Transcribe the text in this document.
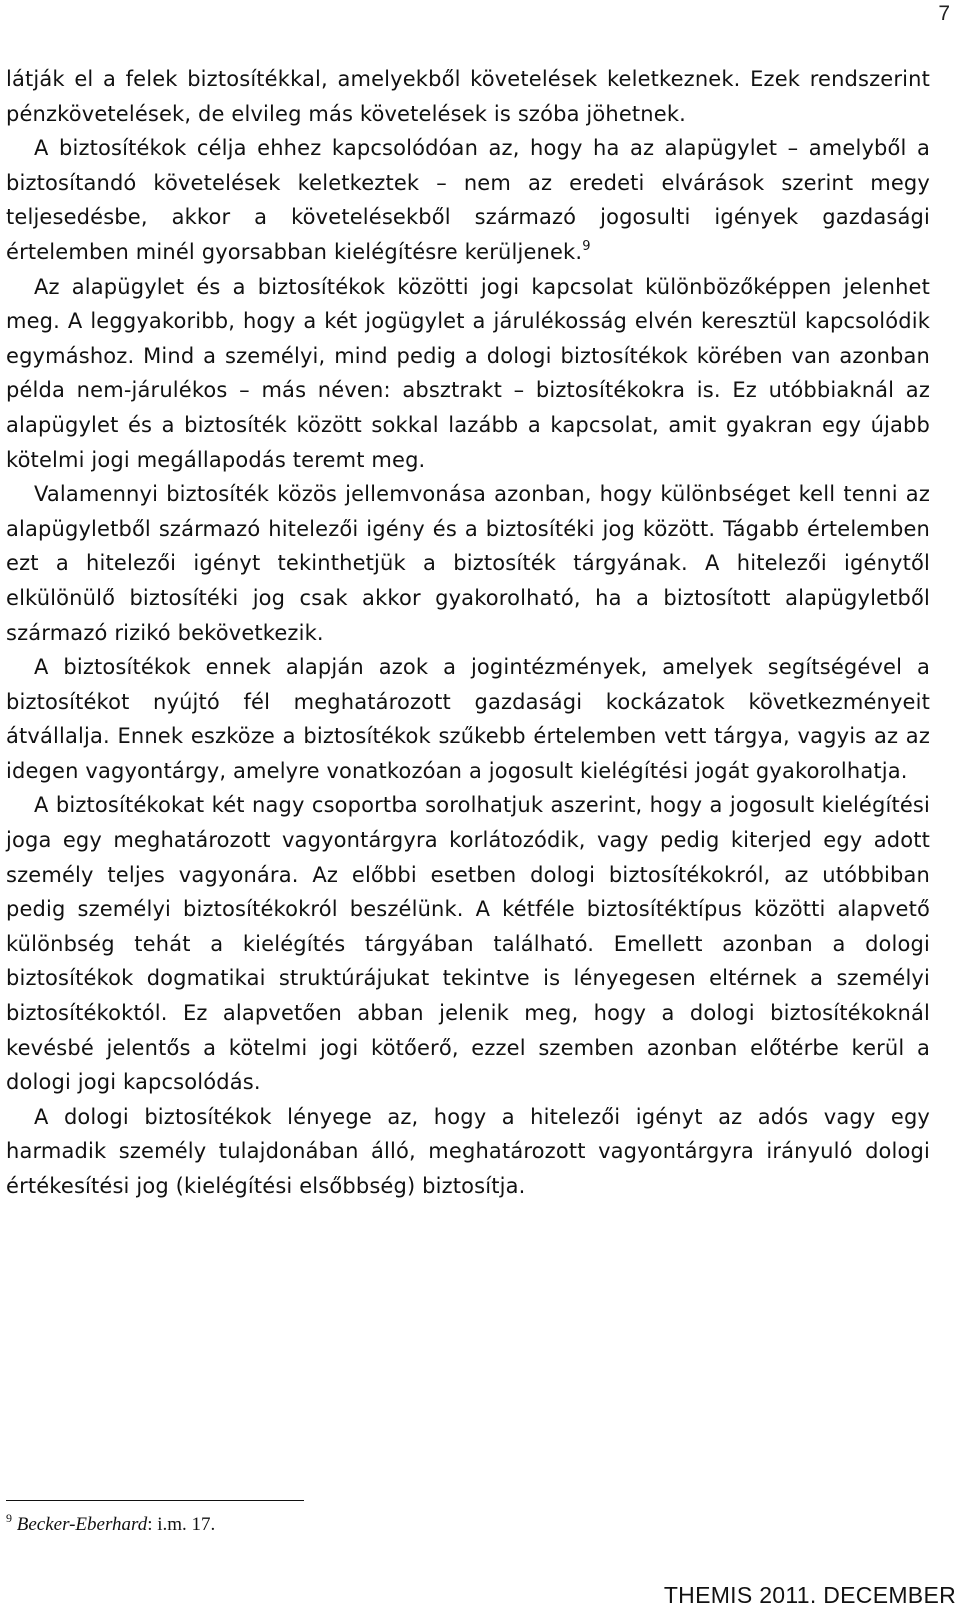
7

látják el a felek biztosítékkal, amelyekből követelések keletkeznek. Ezek rendszerint pénzkövetelések, de elvileg más követelések is szóba jöhetnek.

A biztosítékok célja ehhez kapcsolódóan az, hogy ha az alapügylet – amelyből a biztosítandó követelések keletkeztek – nem az eredeti elvárások szerint megy teljesedésbe, akkor a követelésekből származó jogosulti igények gazdasági értelemben minél gyorsabban kielégítésre kerüljenek.$^9$

Az alapügylet és a biztosítékok közötti jogi kapcsolat különbözőképpen jelenhet meg. A leggyakoribb, hogy a két jogügylet a járulékosság elvén keresztül kapcsolódik egymáshoz. Mind a személyi, mind pedig a dologi biztosítékok körében van azonban példa nem-járulékos – más néven: absztrakt – biztosítékokra is. Ez utóbbiaknál az alapügylet és a biztosíték között sokkal lazább a kapcsolat, amit gyakran egy újabb kötelmi jogi megállapodás teremt meg.

Valamennyi biztosíték közös jellemvonása azonban, hogy különbséget kell tenni az alapügyletből származó hitelezői igény és a biztosítéki jog között. Tágabb értelemben ezt a hitelezői igényt tekinthetjük a biztosíték tárgyának. A hitelezői igénytől elkülönülő biztosítéki jog csak akkor gyakorolható, ha a biztosított alapügyletből származó rizikó bekövetkezik.

A biztosítékok ennek alapján azok a jogintézmények, amelyek segítségével a biztosítékot nyújtó fél meghatározott gazdasági kockázatok következményeit átvállalja. Ennek eszköze a biztosítékok szűkebb értelemben vett tárgya, vagyis az az idegen vagyontárgy, amelyre vonatkozóan a jogosult kielégítési jogát gyakorolhatja.

A biztosítékokat két nagy csoportba sorolhatjuk aszerint, hogy a jogosult kielégítési joga egy meghatározott vagyontárgyra korlátozódik, vagy pedig kiterjed egy adott személy teljes vagyonára. Az előbbi esetben dologi biztosítékokról, az utóbbiban pedig személyi biztosítékokról beszélünk. A kétféle biztosítéktípus közötti alapvető különbség tehát a kielégítés tárgyában található. Emellett azonban a dologi biztosítékok dogmatikai struktúrájukat tekintve is lényegesen eltérnek a személyi biztosítékoktól. Ez alapvetően abban jelenik meg, hogy a dologi biztosítékoknál kevésbé jelentős a kötelmi jogi kötőerő, ezzel szemben azonban előtérbe kerül a dologi jogi kapcsolódás.

A dologi biztosítékok lényege az, hogy a hitelezői igényt az adós vagy egy harmadik személy tulajdonában álló, meghatározott vagyontárgyra irányuló dologi értékesítési jog (kielégítési elsőbbség) biztosítja.

$^9$ Becker-Eberhard: i.m. 17.
THEMIS 2011. DECEMBER
